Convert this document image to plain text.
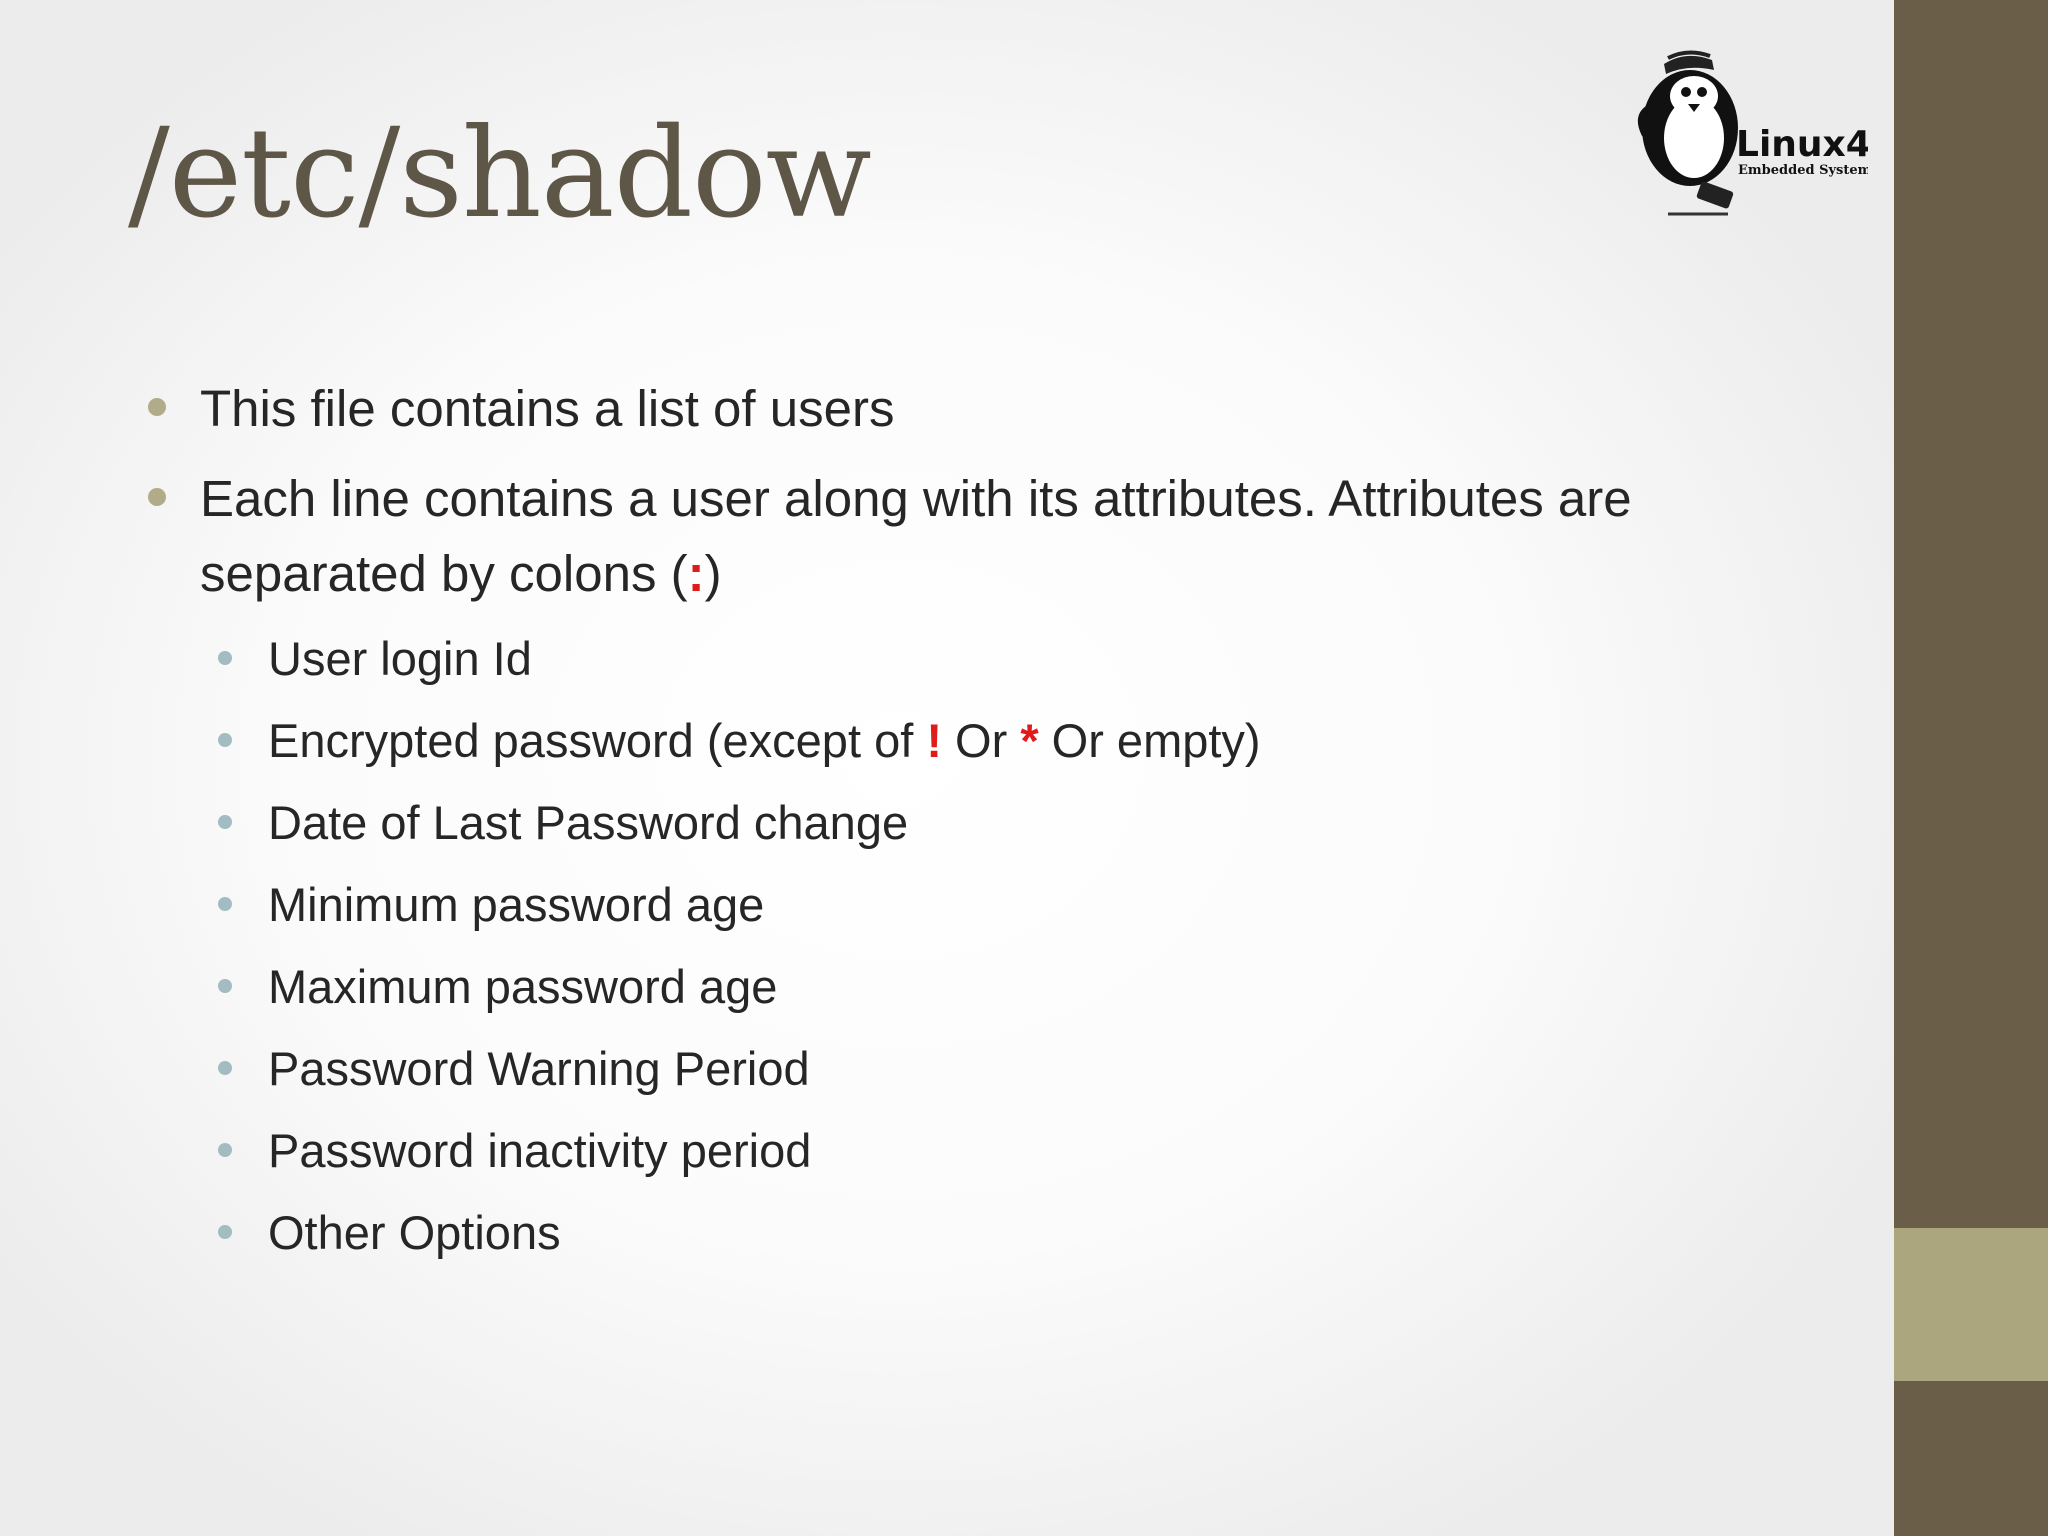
/etc/shadow	Linux4
Embedded Systems
This file contains a list of users
Each line contains a user along with its attributes. Attributes are separated by colons (:)
User login Id
Encrypted password (except of ! Or * Or empty)
Date of Last Password change
Minimum password age
Maximum password age
Password Warning Period
Password inactivity period
Other Options
